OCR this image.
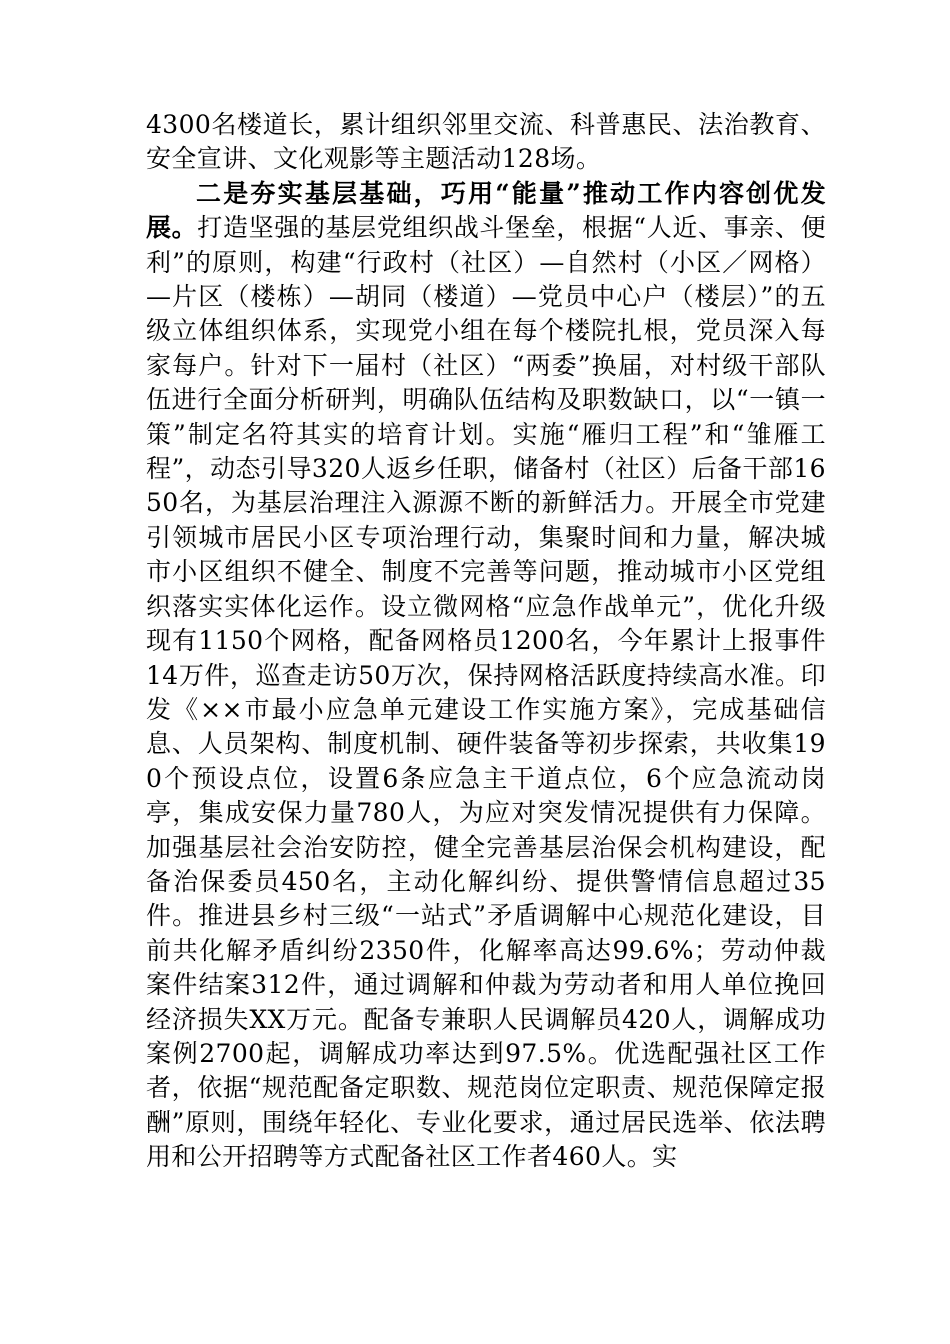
4300名楼道长，累计组织邻里交流、科普惠民、法治教育、安全宣讲、文化观影等主题活动128场。

二是夯实基层基础，巧用“能量”推动工作内容创优发展。打造坚强的基层党组织战斗堡垒，根据“人近、事亲、便利”的原则，构建“行政村（社区）—自然村（小区／网格）—片区（楼栋）—胡同（楼道）—党员中心户（楼层）”的五级立体组织体系，实现党小组在每个楼院扎根，党员深入每家每户。针对下一届村（社区）“两委”换届，对村级干部队伍进行全面分析研判，明确队伍结构及职数缺口，以“一镇一策”制定名符其实的培育计划。实施“雁归工程”和“雏雁工程”，动态引导320人返乡任职，储备村（社区）后备干部1650名，为基层治理注入源源不断的新鲜活力。开展全市党建引领城市居民小区专项治理行动，集聚时间和力量，解决城市小区组织不健全、制度不完善等问题，推动城市小区党组织落实实体化运作。设立微网格“应急作战单元”，优化升级现有1150个网格，配备网格员1200名，今年累计上报事件14万件，巡查走访50万次，保持网格活跃度持续高水准。印发《××市最小应急单元建设工作实施方案》，完成基础信息、人员架构、制度机制、硬件装备等初步探索，共收集190个预设点位，设置6条应急主干道点位，6个应急流动岗亭，集成安保力量780人，为应对突发情况提供有力保障。加强基层社会治安防控，健全完善基层治保会机构建设，配备治保委员450名，主动化解纠纷、提供警情信息超过35件。推进县乡村三级“一站式”矛盾调解中心规范化建设，目前共化解矛盾纠纷2350件，化解率高达99.6%；劳动仲裁案件结案312件，通过调解和仲裁为劳动者和用人单位挽回经济损失XX万元。配备专兼职人民调解员420人，调解成功案例2700起，调解成功率达到97.5%。优选配强社区工作者，依据“规范配备定职数、规范岗位定职责、规范保障定报酬”原则，围绕年轻化、专业化要求，通过居民选举、依法聘用和公开招聘等方式配备社区工作者460人。实
